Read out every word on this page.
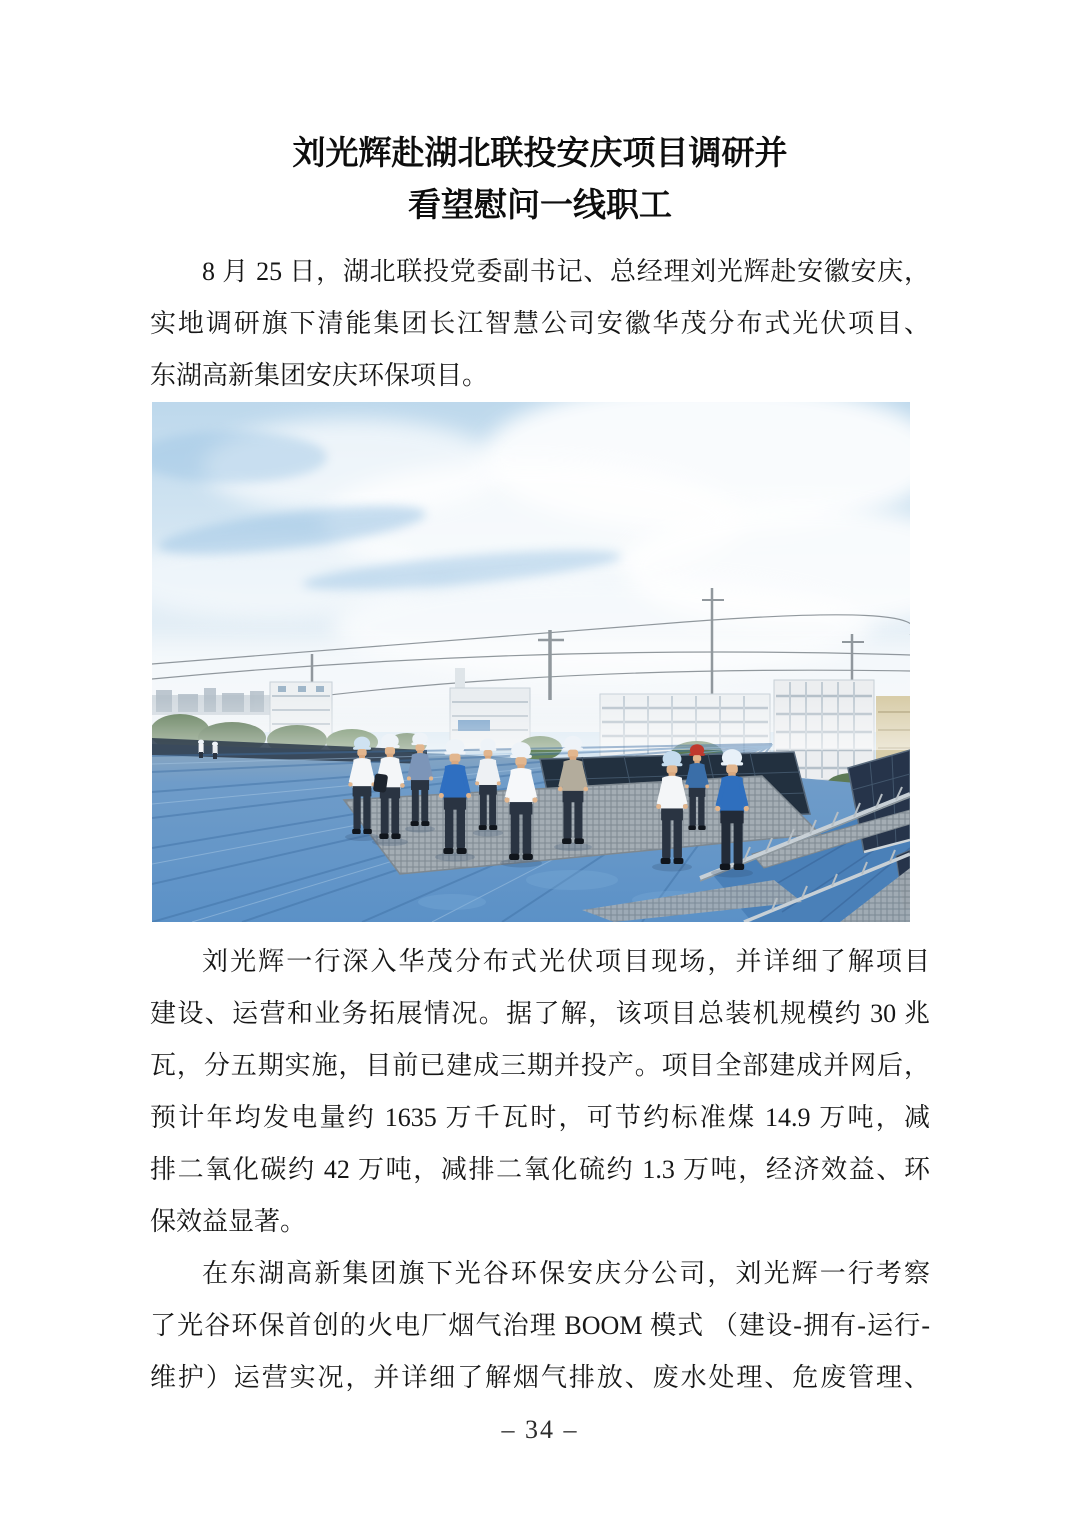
刘光辉赴湖北联投安庆项目调研并
看望慰问一线职工
8 月 25 日，湖北联投党委副书记、总经理刘光辉赴安徽安庆，
实地调研旗下清能集团长江智慧公司安徽华茂分布式光伏项目、
东湖高新集团安庆环保项目。
刘光辉一行深入华茂分布式光伏项目现场，并详细了解项目
建设、运营和业务拓展情况。据了解，该项目总装机规模约 30 兆
瓦，分五期实施，目前已建成三期并投产。项目全部建成并网后，
预计年均发电量约 1635 万千瓦时，可节约标准煤 14.9 万吨，减
排二氧化碳约 42 万吨，减排二氧化硫约 1.3 万吨，经济效益、环
保效益显著。
在东湖高新集团旗下光谷环保安庆分公司，刘光辉一行考察
了光谷环保首创的火电厂烟气治理 BOOM 模式 （建设-拥有-运行-
维护）运营实况，并详细了解烟气排放、废水处理、危废管理、
– 34 –
